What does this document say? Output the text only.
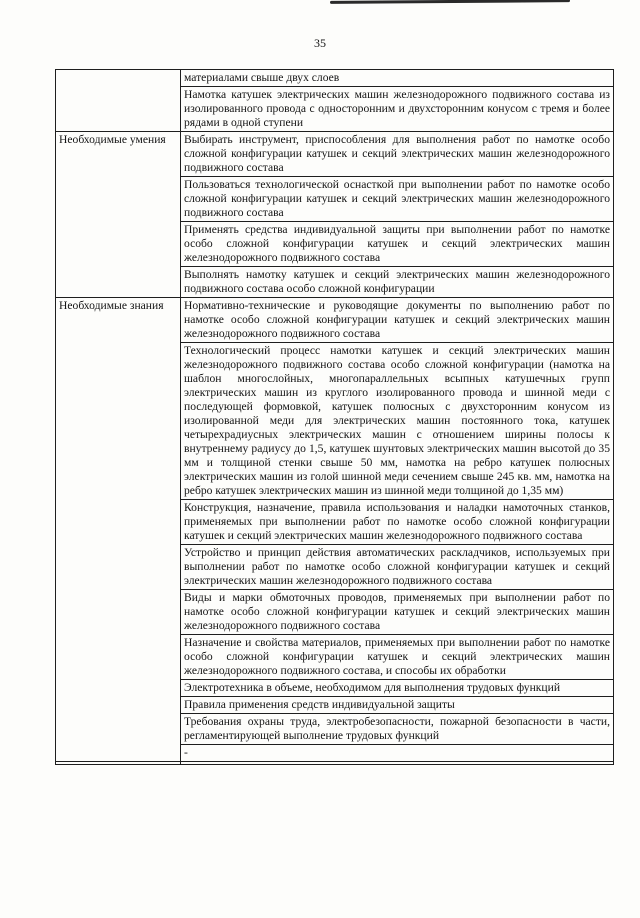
35
	материалами свыше двух слоев
	Намотка катушек электрических машин железнодорожного подвижного состава из изолированного провода с односторонним и двухсторонним конусом с тремя и более рядами в одной ступени
Необходимые умения	Выбирать инструмент, приспособления для выполнения работ по намотке особо сложной конфигурации катушек и секций электрических машин железнодорожного подвижного состава
	Пользоваться технологической оснасткой при выполнении работ по намотке особо сложной конфигурации катушек и секций электрических машин железнодорожного подвижного состава
	Применять средства индивидуальной защиты при выполнении работ по намотке особо сложной конфигурации катушек и секций электрических машин железнодорожного подвижного состава
	Выполнять намотку катушек и секций электрических машин железнодорожного подвижного состава особо сложной конфигурации
Необходимые знания	Нормативно-технические и руководящие документы по выполнению работ по намотке особо сложной конфигурации катушек и секций электрических машин железнодорожного подвижного состава
	Технологический процесс намотки катушек и секций электрических машин железнодорожного подвижного состава особо сложной конфигурации (намотка на шаблон многослойных, многопараллельных всыпных катушечных групп электрических машин из круглого изолированного провода и шинной меди с последующей формовкой, катушек полюсных с двухсторонним конусом из изолированной меди для электрических машин постоянного тока, катушек четырехрадиусных электрических машин с отношением ширины полосы к внутреннему радиусу до 1,5, катушек шунтовых электрических машин высотой до 35 мм и толщиной стенки свыше 50 мм, намотка на ребро катушек полюсных электрических машин из голой шинной меди сечением свыше 245 кв. мм, намотка на ребро катушек электрических машин из шинной меди толщиной до 1,35 мм)
	Конструкция, назначение, правила использования и наладки намоточных станков, применяемых при выполнении работ по намотке особо сложной конфигурации катушек и секций электрических машин железнодорожного подвижного состава
	Устройство и принцип действия автоматических раскладчиков, используемых при выполнении работ по намотке особо сложной конфигурации катушек и секций электрических машин железнодорожного подвижного состава
	Виды и марки обмоточных проводов, применяемых при выполнении работ по намотке особо сложной конфигурации катушек и секций электрических машин железнодорожного подвижного состава
	Назначение и свойства материалов, применяемых при выполнении работ по намотке особо сложной конфигурации катушек и секций электрических машин железнодорожного подвижного состава, и способы их обработки
	Электротехника в объеме, необходимом для выполнения трудовых функций
	Правила применения средств индивидуальной защиты
	Требования охраны труда, электробезопасности, пожарной безопасности в части, регламентирующей выполнение трудовых функций
	-
